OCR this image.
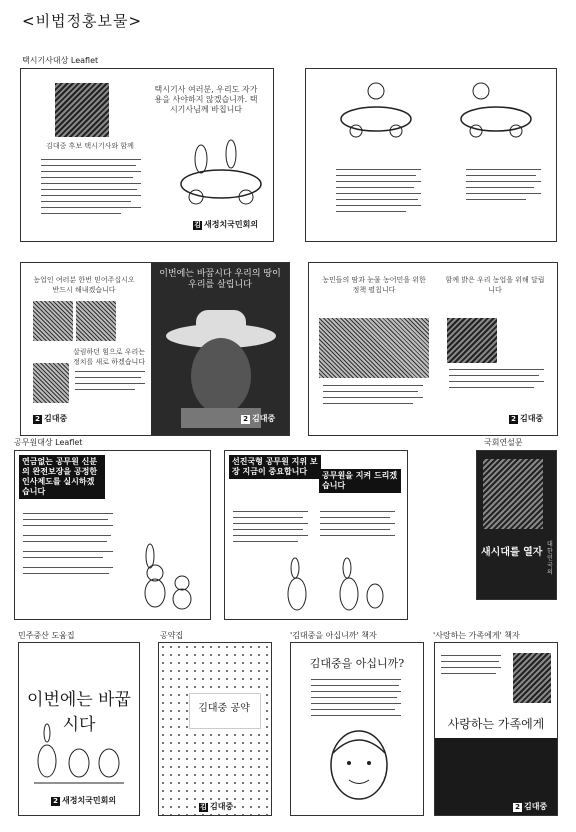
<비법정홍보물>
택시기사대상 Leaflet
택시기사 여러분, 우리도 자가용을 사야하지 않겠습니까. 택시기사님께 바칩니다
김대중 후보 택시기사와 함께
김 새정치국민회의
농업인 여러분 한번 믿어주십시오 반드시 해내겠습니다
살림하던 힘으로 우리는 정치를 새로 하겠습니다
2 김대중
이번에는 바꿉시다 우리의 땅이 우리를 살립니다
2 김대중
농민들의 땀과 눈물 농어민을 위한 정책 펼칩니다
함께 밝은 우리 농업을 위해 달립니다
2 김대중
공무원대상 Leaflet	국회연설문
연금없는 공무원 신분의 완전보장을 공정한 인사제도를 실시하겠습니다
선진국형 공무원 지위 보장 지금이 중요합니다	공무원을 지켜 드리겠습니다
새시대를 열자
대한민국의
민주중산 도움집	공약집	'김대중을 아십니까' 책자	'사랑하는 가족에게' 책자
이번에는 바꿉시다
2 새정치국민회의
김대중 공약
김 김대중
김대중을 아십니까?
사랑하는 가족에게
2 김대중
